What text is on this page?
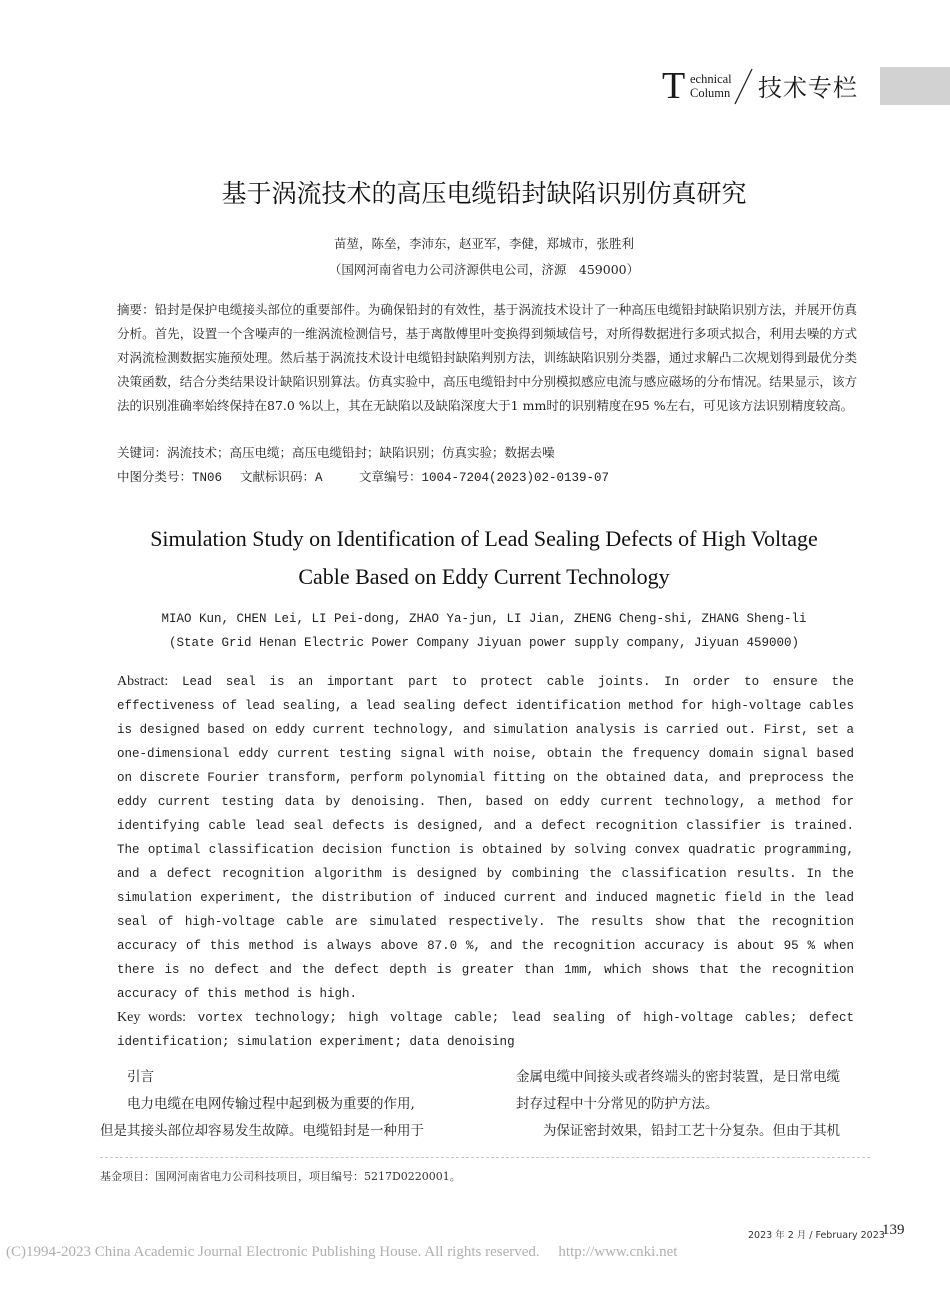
T echnical
Column 技术专栏
基于涡流技术的高压电缆铅封缺陷识别仿真研究
苗堃，陈垒，李沛东，赵亚军，李健，郑城市，张胜利
（国网河南省电力公司济源供电公司，济源　459000）
摘要：铅封是保护电缆接头部位的重要部件。为确保铅封的有效性，基于涡流技术设计了一种高压电缆铅封缺陷识别方法，并展开仿真分析。首先，设置一个含噪声的一维涡流检测信号，基于离散傅里叶变换得到频域信号，对所得数据进行多项式拟合，利用去噪的方式对涡流检测数据实施预处理。然后基于涡流技术设计电缆铅封缺陷判别方法，训练缺陷识别分类器，通过求解凸二次规划得到最优分类决策函数，结合分类结果设计缺陷识别算法。仿真实验中，高压电缆铅封中分别模拟感应电流与感应磁场的分布情况。结果显示，该方法的识别准确率始终保持在87.0 %以上，其在无缺陷以及缺陷深度大于1 mm时的识别精度在95 %左右，可见该方法识别精度较高。
关键词：涡流技术；高压电缆；高压电缆铅封；缺陷识别；仿真实验；数据去噪
中图分类号：TN06 文献标识码：A	文章编号：1004-7204(2023)02-0139-07
Simulation Study on Identification of Lead Sealing Defects of High Voltage
Cable Based on Eddy Current Technology
MIAO Kun, CHEN Lei, LI Pei-dong, ZHAO Ya-jun, LI Jian, ZHENG Cheng-shi, ZHANG Sheng-li
(State Grid Henan Electric Power Company Jiyuan power supply company, Jiyuan 459000)
Abstract: Lead seal is an important part to protect cable joints. In order to ensure the effectiveness of lead sealing, a lead sealing defect identification method for high-voltage cables is designed based on eddy current technology, and simulation analysis is carried out. First, set a one-dimensional eddy current testing signal with noise, obtain the frequency domain signal based on discrete Fourier transform, perform polynomial fitting on the obtained data, and preprocess the eddy current testing data by denoising. Then, based on eddy current technology, a method for identifying cable lead seal defects is designed, and a defect recognition classifier is trained. The optimal classification decision function is obtained by solving convex quadratic programming, and a defect recognition algorithm is designed by combining the classification results. In the simulation experiment, the distribution of induced current and induced magnetic field in the lead seal of high-voltage cable are simulated respectively. The results show that the recognition accuracy of this method is always above 87.0 %, and the recognition accuracy is about 95 % when there is no defect and the defect depth is greater than 1mm, which shows that the recognition accuracy of this method is high.
Key words: vortex technology; high voltage cable; lead sealing of high-voltage cables; defect identification; simulation experiment; data denoising

引言

电力电缆在电网传输过程中起到极为重要的作用,

但是其接头部位却容易发生故障。电缆铅封是一种用于

金属电缆中间接头或者终端头的密封装置，是日常电缆

封存过程中十分常见的防护方法。

为保证密封效果，铅封工艺十分复杂。但由于其机

基金项目：国网河南省电力公司科技项目，项目编号：5217D0220001。
2023 年 2 月 / February 2023
139
(C)1994-2023 China Academic Journal Electronic Publishing House. All rights reserved.　 http://www.cnki.net
